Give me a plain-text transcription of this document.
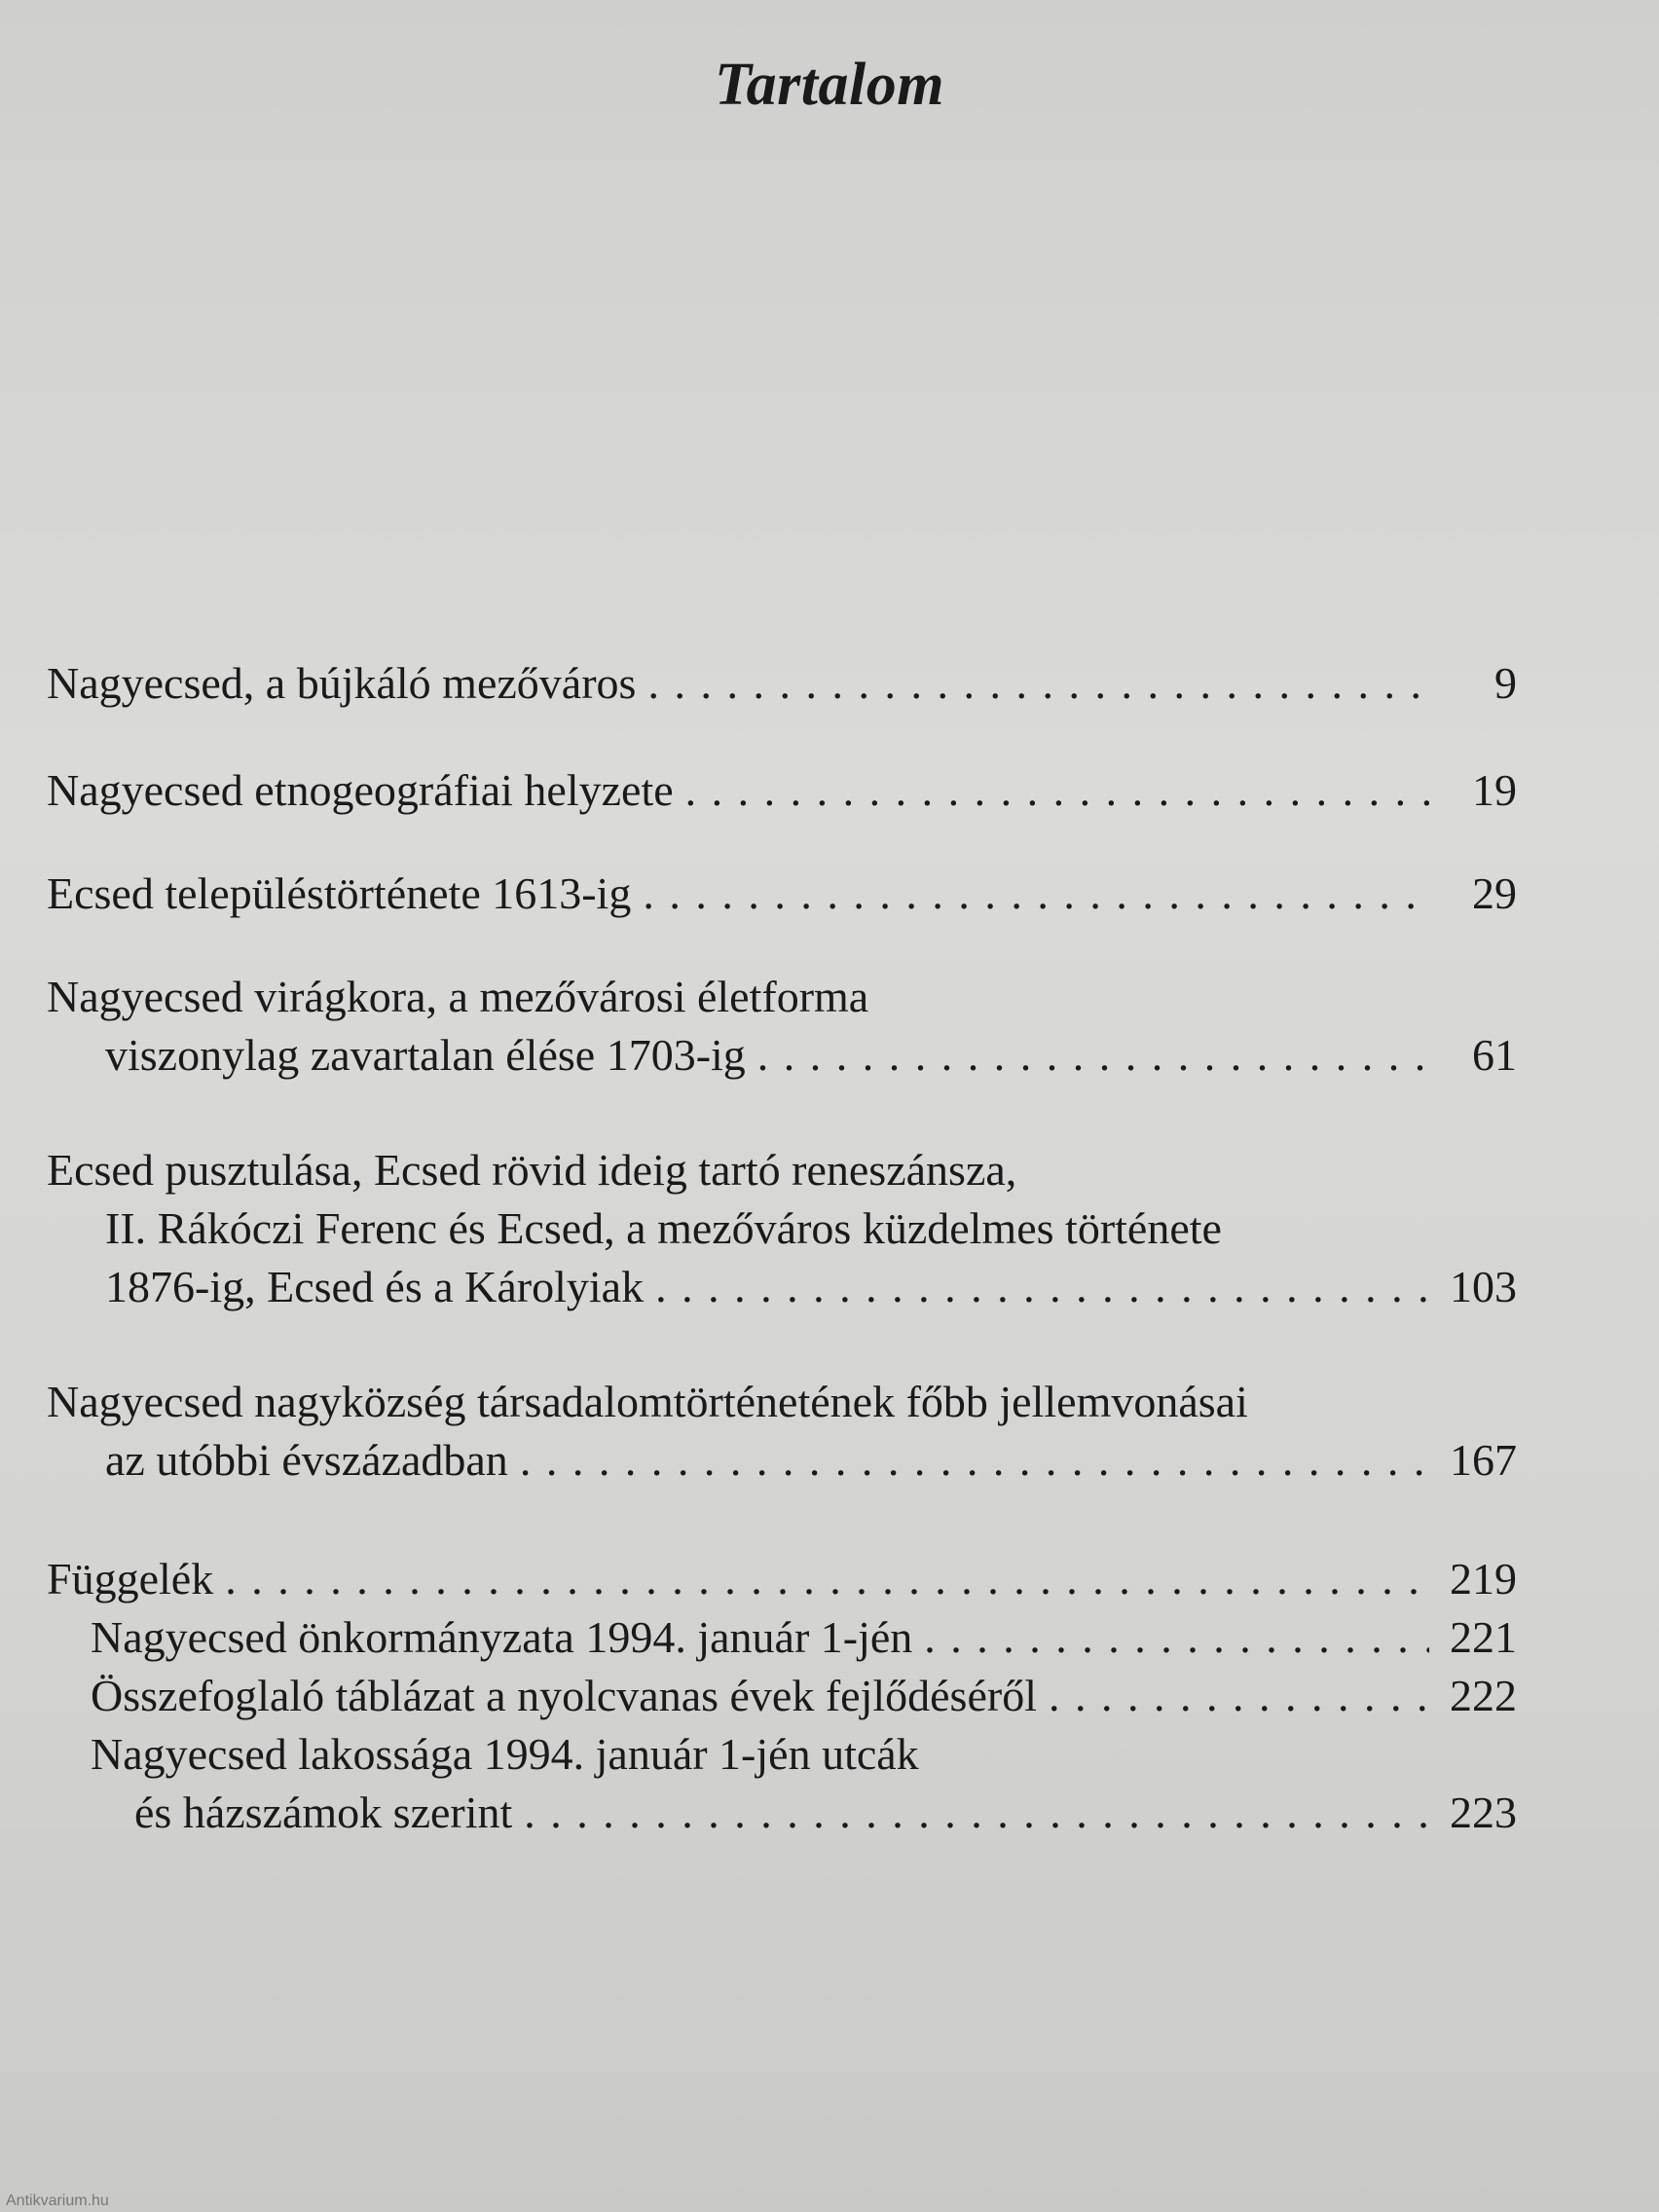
Tartalom
Nagyecsed, a bújkáló mezőváros . . .	9
Nagyecsed etnogeográfiai helyzete . . .	19
Ecsed településtörténete 1613-ig . . .	29
Nagyecsed virágkora, a mezővárosi életforma
viszonylag zavartalan élése 1703-ig . . .	61
Ecsed pusztulása, Ecsed rövid ideig tartó reneszánsza,
II. Rákóczi Ferenc és Ecsed, a mezőváros küzdelmes története
1876-ig, Ecsed és a Károlyiak . . .	103
Nagyecsed nagyközség társadalomtörténetének főbb jellemvonásai
az utóbbi évszázadban . . .	167
Függelék . . .	219
Nagyecsed önkormányzata 1994. január 1-jén . . .	221
Összefoglaló táblázat a nyolcvanas évek fejlődéséről . . .	222
Nagyecsed lakossága 1994. január 1-jén utcák
és házszámok szerint . . .	223
Antikvarium.hu
